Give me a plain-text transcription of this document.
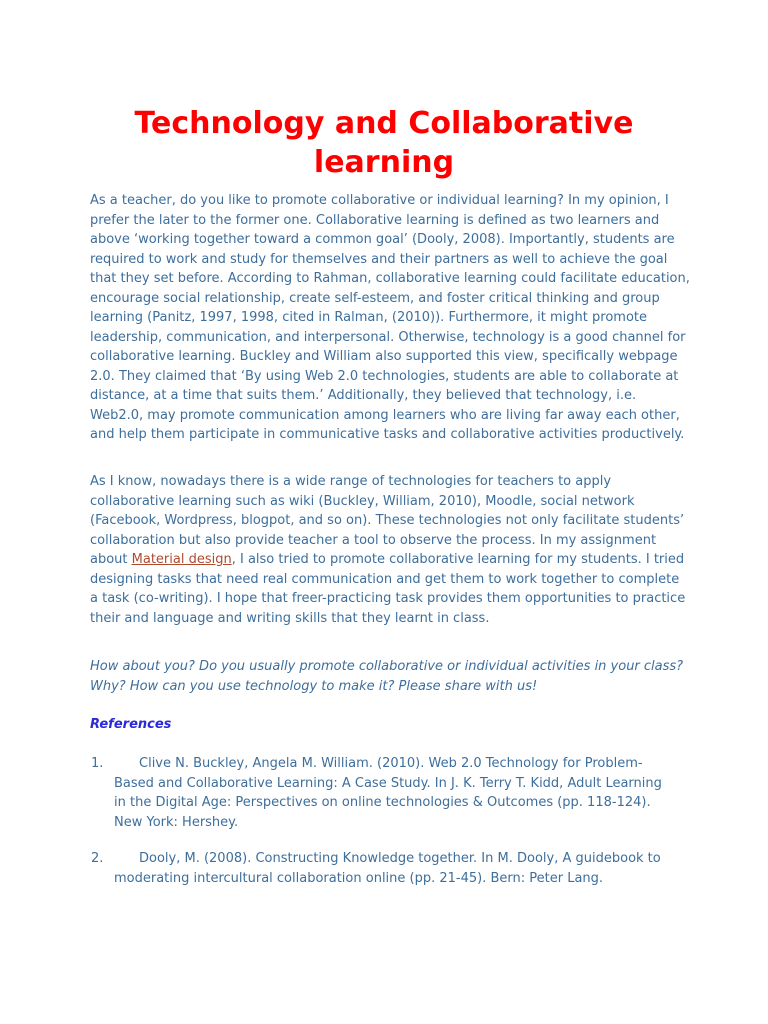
Technology and Collaborative learning

As a teacher, do you like to promote collaborative or individual learning? In my opinion, I prefer the later to the former one. Collaborative learning is defined as two learners and above ‘working together toward a common goal’ (Dooly, 2008). Importantly, students are required to work and study for themselves and their partners as well to achieve the goal that they set before. According to Rahman, collaborative learning could facilitate education, encourage social relationship, create self-esteem, and foster critical thinking and group learning (Panitz, 1997, 1998, cited in Ralman, (2010)). Furthermore, it might promote leadership, communication, and interpersonal. Otherwise, technology is a good channel for collaborative learning. Buckley and William also supported this view, specifically webpage 2.0. They claimed that ‘By using Web 2.0 technologies, students are able to collaborate at distance, at a time that suits them.’ Additionally, they believed that technology, i.e. Web2.0, may promote communication among learners who are living far away each other, and help them participate in communicative tasks and collaborative activities productively.

As I know, nowadays there is a wide range of technologies for teachers to apply collaborative learning such as wiki (Buckley, William, 2010), Moodle, social network (Facebook, Wordpress, blogpot, and so on). These technologies not only facilitate students’ collaboration but also provide teacher a tool to observe the process. In my assignment about Material design, I also tried to promote collaborative learning for my students. I tried designing tasks that need real communication and get them to work together to complete a task (co-writing). I hope that freer-practicing task provides them opportunities to practice their and language and writing skills that they learnt in class.

How about you? Do you usually promote collaborative or individual activities in your class? Why? How can you use technology to make it? Please share with us!

References
1.	Clive N. Buckley, Angela M. William. (2010). Web 2.0 Technology for Problem-Based and Collaborative Learning: A Case Study. In J. K. Terry T. Kidd, Adult Learning in the Digital Age: Perspectives on online technologies & Outcomes (pp. 118-124). New York: Hershey.

2.	Dooly, M. (2008). Constructing Knowledge together. In M. Dooly, A guidebook to moderating intercultural collaboration online (pp. 21-45). Bern: Peter Lang.
